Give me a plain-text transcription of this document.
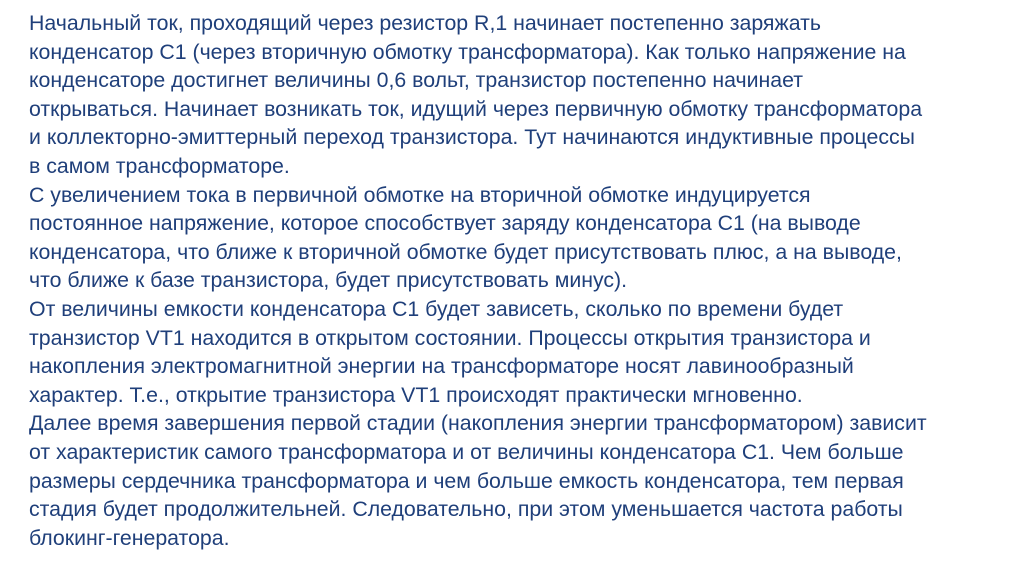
Начальный ток, проходящий через резистор R,1 начинает постепенно заряжать
конденсатор С1 (через вторичную обмотку трансформатора). Как только напряжение на
конденсаторе достигнет величины 0,6 вольт, транзистор постепенно начинает
открываться. Начинает возникать ток, идущий через первичную обмотку трансформатора
и коллекторно-эмиттерный переход транзистора. Тут начинаются индуктивные процессы
в самом трансформаторе.
С увеличением тока в первичной обмотке на вторичной обмотке индуцируется
постоянное напряжение, которое способствует заряду конденсатора С1 (на выводе
конденсатора, что ближе к вторичной обмотке будет присутствовать плюс, а на выводе,
что ближе к базе транзистора, будет присутствовать минус).
От величины емкости конденсатора С1 будет зависеть, сколько по времени будет
транзистор VT1 находится в открытом состоянии. Процессы открытия транзистора и
накопления электромагнитной энергии на трансформаторе носят лавинообразный
характер. Т.е., открытие транзистора VT1 происходят практически мгновенно.
Далее время завершения первой стадии (накопления энергии трансформатором) зависит
от характеристик самого трансформатора и от величины конденсатора С1. Чем больше
размеры сердечника трансформатора и чем больше емкость конденсатора, тем первая
стадия будет продолжительней. Следовательно, при этом уменьшается частота работы
блокинг-генератора.
